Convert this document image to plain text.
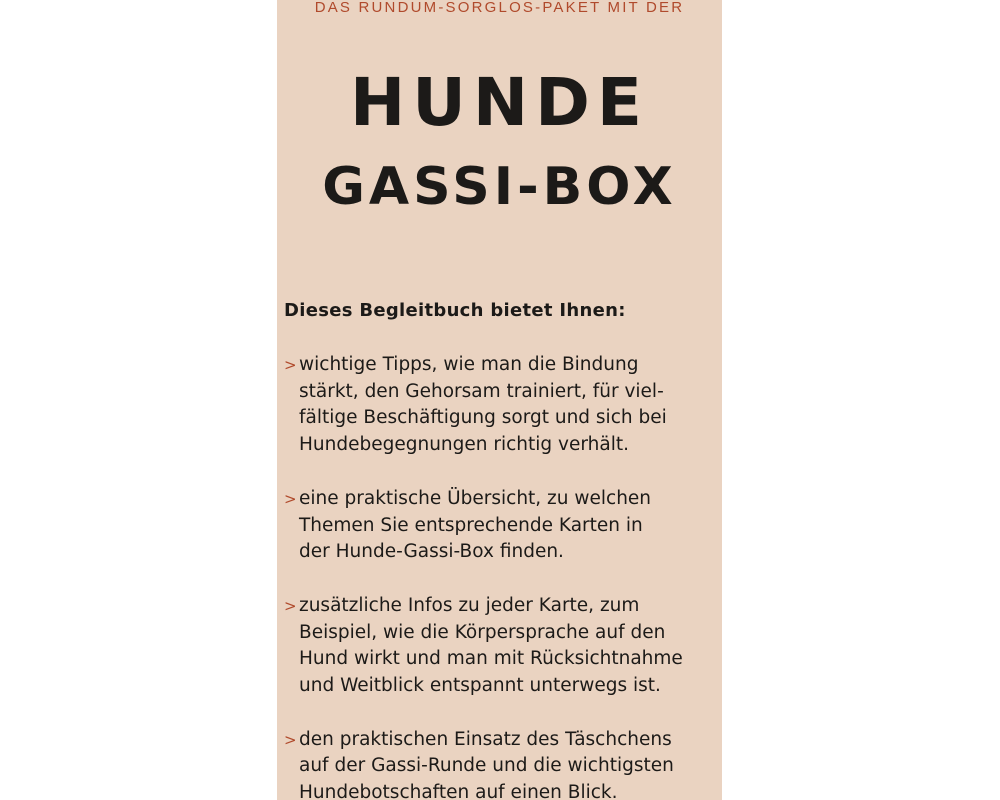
DAS RUNDUM-SORGLOS-PAKET MIT DER
HUNDE
GASSI-BOX
Dieses Begleitbuch bietet Ihnen:
> wichtige Tipps, wie man die Bindung
stärkt, den Gehorsam trainiert, für viel-
fältige Beschäftigung sorgt und sich bei
Hundebegegnungen richtig verhält.
> eine praktische Übersicht, zu welchen
Themen Sie entsprechende Karten in
der Hunde-Gassi-Box finden.
> zusätzliche Infos zu jeder Karte, zum
Beispiel, wie die Körpersprache auf den
Hund wirkt und man mit Rücksichtnahme
und Weitblick entspannt unterwegs ist.
> den praktischen Einsatz des Täschchens
auf der Gassi-Runde und die wichtigsten
Hundebotschaften auf einen Blick.
